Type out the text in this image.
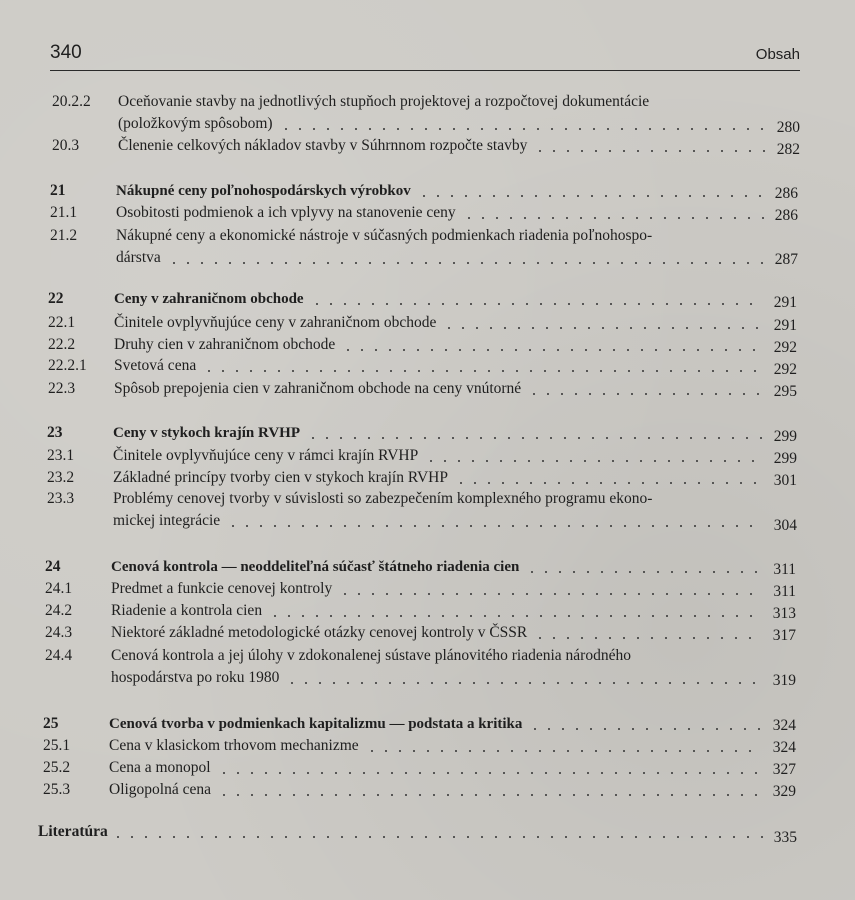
340	Obsah
20.2.2 Oceňovanie stavby na jednotlivých stupňoch projektovej a rozpočtovej dokumentácie
(položkovým spôsobom)	280
20.3	Členenie celkových nákladov stavby v Súhrnnom rozpočte stavby	282
21	Nákupné ceny poľnohospodárskych výrobkov	286
21.1	Osobitosti podmienok a ich vplyvy na stanovenie ceny	286
21.2	Nákupné ceny a ekonomické nástroje v súčasných podmienkach riadenia poľnohospo-
dárstva	287
22	Ceny v zahraničnom obchode	291
22.1	Činitele ovplyvňujúce ceny v zahraničnom obchode	291
22.2	Druhy cien v zahraničnom obchode	292
22.2.1 Svetová cena	292
22.3	Spôsob prepojenia cien v zahraničnom obchode na ceny vnútorné	295
23	Ceny v stykoch krajín RVHP	299
23.1	Činitele ovplyvňujúce ceny v rámci krajín RVHP	299
23.2	Základné princípy tvorby cien v stykoch krajín RVHP	301
23.3	Problémy cenovej tvorby v súvislosti so zabezpečením komplexného programu ekono-
mickej integrácie	304
24	Cenová kontrola — neoddeliteľná súčasť štátneho riadenia cien	311
24.1	Predmet a funkcie cenovej kontroly	311
24.2	Riadenie a kontrola cien	313
24.3	Niektoré základné metodologické otázky cenovej kontroly v ČSSR	317
24.4	Cenová kontrola a jej úlohy v zdokonalenej sústave plánovitého riadenia národného
hospodárstva po roku 1980	319
25	Cenová tvorba v podmienkach kapitalizmu — podstata a kritika	324
25.1	Cena v klasickom trhovom mechanizme	324
25.2	Cena a monopol	327
25.3	Oligopolná cena	329
Literatúra	335
